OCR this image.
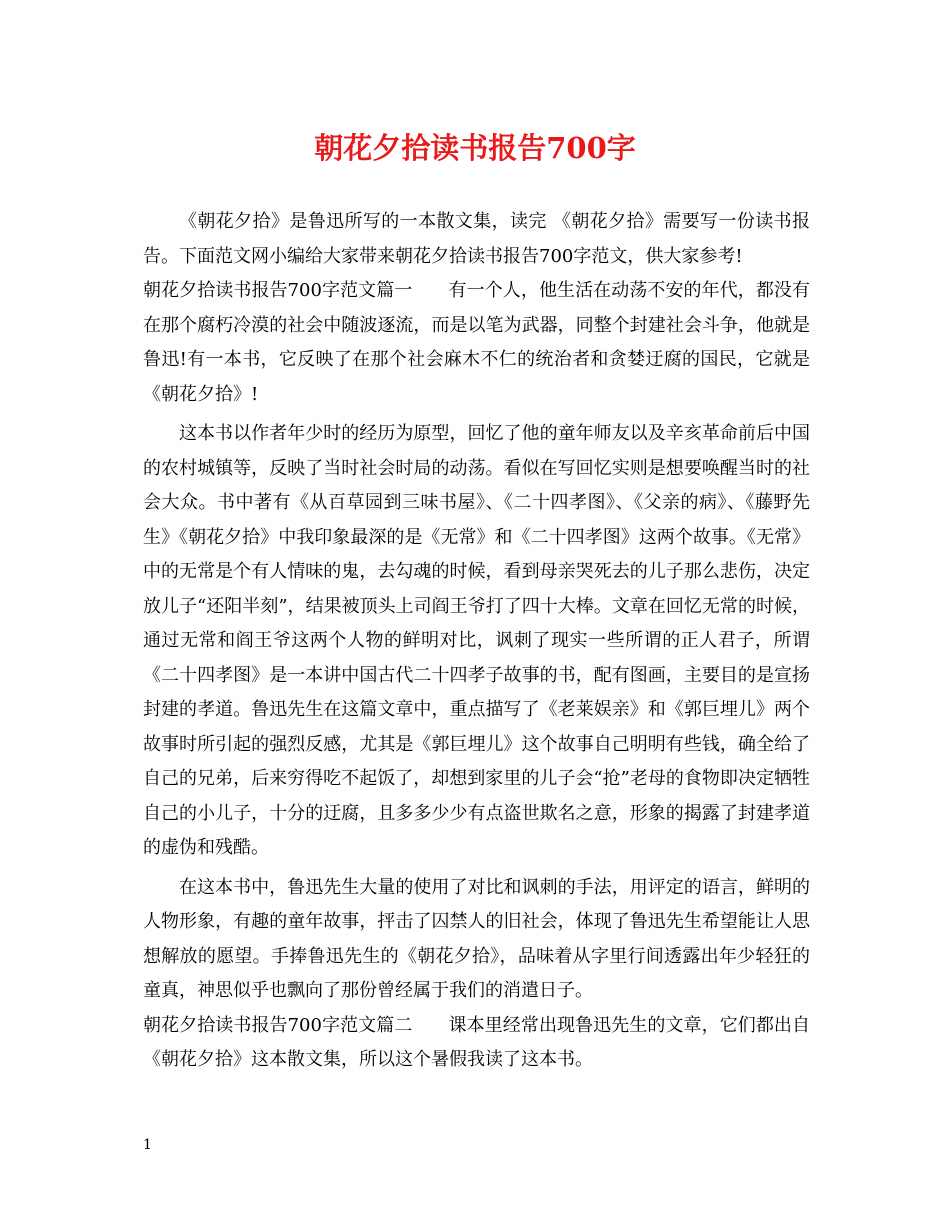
朝花夕拾读书报告700字

《朝花夕拾》是鲁迅所写的一本散文集，读完 《朝花夕拾》需要写一份读书报告。下面范文网小编给大家带来朝花夕拾读书报告700字范文，供大家参考!

朝花夕拾读书报告700字范文篇一　　有一个人，他生活在动荡不安的年代，都没有在那个腐朽冷漠的社会中随波逐流，而是以笔为武器，同整个封建社会斗争，他就是鲁迅!有一本书，它反映了在那个社会麻木不仁的统治者和贪婪迂腐的国民，它就是《朝花夕拾》!

这本书以作者年少时的经历为原型，回忆了他的童年师友以及辛亥革命前后中国的农村城镇等，反映了当时社会时局的动荡。看似在写回忆实则是想要唤醒当时的社会大众。书中著有《从百草园到三味书屋》、《二十四孝图》、《父亲的病》、《藤野先生》《朝花夕拾》中我印象最深的是《无常》和《二十四孝图》这两个故事。《无常》中的无常是个有人情味的鬼，去勾魂的时候，看到母亲哭死去的儿子那么悲伤，决定放儿子“还阳半刻”，结果被顶头上司阎王爷打了四十大棒。文章在回忆无常的时候，通过无常和阎王爷这两个人物的鲜明对比，讽刺了现实一些所谓的正人君子，所谓《二十四孝图》是一本讲中国古代二十四孝子故事的书，配有图画，主要目的是宣扬封建的孝道。鲁迅先生在这篇文章中，重点描写了《老莱娱亲》和《郭巨埋儿》两个故事时所引起的强烈反感，尤其是《郭巨埋儿》这个故事自己明明有些钱，确全给了自己的兄弟，后来穷得吃不起饭了，却想到家里的儿子会“抢”老母的食物即决定牺牲自己的小儿子，十分的迂腐，且多多少少有点盗世欺名之意，形象的揭露了封建孝道的虚伪和残酷。

在这本书中，鲁迅先生大量的使用了对比和讽刺的手法，用评定的语言，鲜明的人物形象，有趣的童年故事，抨击了囚禁人的旧社会，体现了鲁迅先生希望能让人思想解放的愿望。手捧鲁迅先生的《朝花夕拾》，品味着从字里行间透露出年少轻狂的童真，神思似乎也飘向了那份曾经属于我们的消遣日子。

朝花夕拾读书报告700字范文篇二　　课本里经常出现鲁迅先生的文章，它们都出自《朝花夕拾》这本散文集，所以这个暑假我读了这本书。

1
